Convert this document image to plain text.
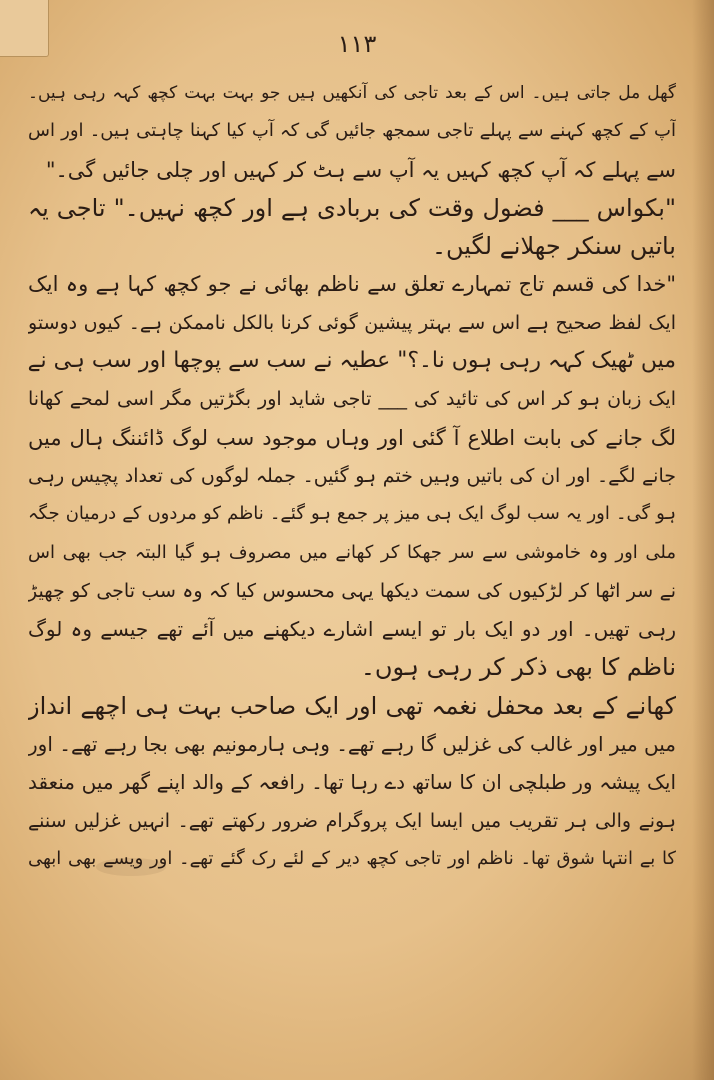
۱۱۳
گھل مل جاتی ہیں۔ اس کے بعد تاجی کی آنکھیں ہیں جو بہت بہت کچھ کہہ رہی ہیں۔
آپ کے کچھ کہنے سے پہلے تاجی سمجھ جائیں گی کہ آپ کیا کہنا چاہتی ہیں۔ اور اس
سے پہلے کہ آپ کچھ کہیں یہ آپ سے ہٹ کر کہیں اور چلی جائیں گی۔"
"بکواس ___ فضول وقت کی بربادی ہے اور کچھ نہیں۔" تاجی یہ
باتیں سنکر جھلانے لگیں۔
"خدا کی قسم تاج تمہارے تعلق سے ناظم بھائی نے جو کچھ کہا ہے وہ ایک
ایک لفظ صحیح ہے اس سے بہتر پیشین گوئی کرنا بالکل ناممکن ہے۔ کیوں دوستو
میں ٹھیک کہہ رہی ہوں نا۔؟" عطیہ نے سب سے پوچھا اور سب ہی نے
ایک زبان ہو کر اس کی تائید کی ___ تاجی شاید اور بگڑتیں مگر اسی لمحے کھانا
لگ جانے کی بابت اطلاع آ گئی اور وہاں موجود سب لوگ ڈائننگ ہال میں
جانے لگے۔ اور ان کی باتیں وہیں ختم ہو گئیں۔ جملہ لوگوں کی تعداد پچیس رہی
ہو گی۔ اور یہ سب لوگ ایک ہی میز پر جمع ہو گئے۔ ناظم کو مردوں کے درمیان جگہ
ملی اور وہ خاموشی سے سر جھکا کر کھانے میں مصروف ہو گیا البتہ جب بھی اس
نے سر اٹھا کر لڑکیوں کی سمت دیکھا یہی محسوس کیا کہ وہ سب تاجی کو چھیڑ
رہی تھیں۔ اور دو ایک بار تو ایسے اشارے دیکھنے میں آئے تھے جیسے وہ لوگ
ناظم کا بھی ذکر کر رہی ہوں۔
کھانے کے بعد محفل نغمہ تھی اور ایک صاحب بہت ہی اچھے انداز
میں میر اور غالب کی غزلیں گا رہے تھے۔ وہی ہارمونیم بھی بجا رہے تھے۔ اور
ایک پیشہ ور طبلچی ان کا ساتھ دے رہا تھا۔ رافعہ کے والد اپنے گھر میں منعقد
ہونے والی ہر تقریب میں ایسا ایک پروگرام ضرور رکھتے تھے۔ انہیں غزلیں سننے
کا بے انتہا شوق تھا۔ ناظم اور تاجی کچھ دیر کے لئے رک گئے تھے۔ اور ویسے بھی ابھی
